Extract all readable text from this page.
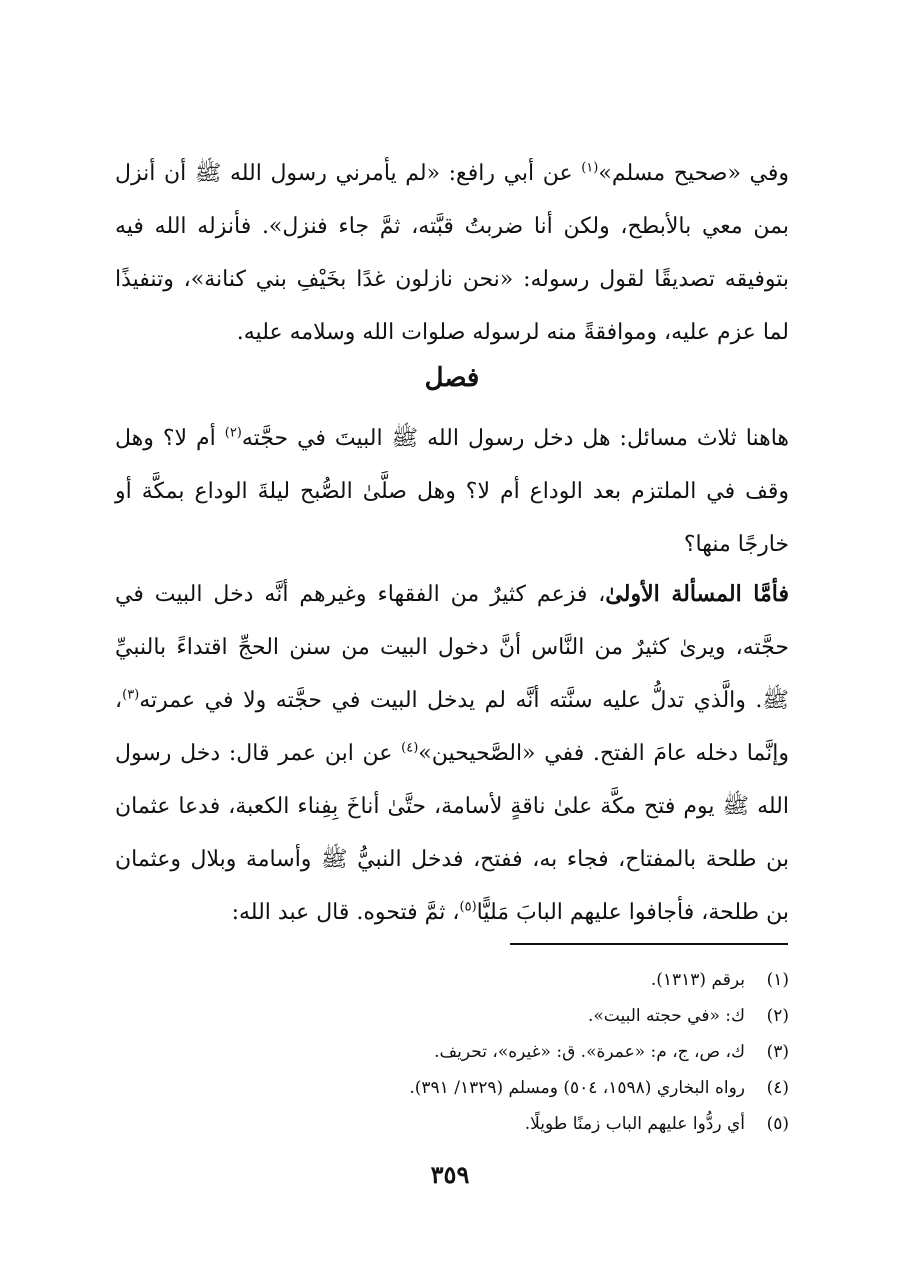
وفي «صحيح مسلم»$^{(١)}$ عن أبي رافع: «لم يأمرني رسول الله ﷺ أن أنزل بمن معي بالأبطح، ولكن أنا ضربتُ قبَّته، ثمَّ جاء فنزل». فأنزله الله فيه بتوفيقه تصديقًا لقول رسوله: «نحن نازلون غدًا بخَيْفِ بني كنانة»، وتنفيذًا لما عزم عليه، وموافقةً منه لرسوله صلوات الله وسلامه عليه.

فصل

هاهنا ثلاث مسائل: هل دخل رسول الله ﷺ البيتَ في حجَّته$^{(٢)}$ أم لا؟ وهل وقف في الملتزم بعد الوداع أم لا؟ وهل صلَّىٰ الصُّبح ليلةَ الوداع بمكَّة أو خارجًا منها؟

فأمَّا المسألة الأولىٰ، فزعم كثيرٌ من الفقهاء وغيرهم أنَّه دخل البيت في حجَّته، ويرىٰ كثيرٌ من النَّاس أنَّ دخول البيت من سنن الحجِّ اقتداءً بالنبيِّ ﷺ. والَّذي تدلُّ عليه سنَّته أنَّه لم يدخل البيت في حجَّته ولا في عمرته$^{(٣)}$، وإنَّما دخله عامَ الفتح. ففي «الصَّحيحين»$^{(٤)}$ عن ابن عمر قال: دخل رسول الله ﷺ يوم فتح مكَّة علىٰ ناقةٍ لأسامة، حتَّىٰ أناخَ بِفِناء الكعبة، فدعا عثمان بن طلحة بالمفتاح، فجاء به، ففتح، فدخل النبيُّ ﷺ وأسامة وبلال وعثمان بن طلحة، فأجافوا عليهم البابَ مَليًّا$^{(٥)}$، ثمَّ فتحوه. قال عبد الله:

(١)
برقم (١٣١٣).
(٢)
ك: «في حجته البيت».
(٣)
ك، ص، ج، م: «عمرة». ق: «غيره»، تحريف.
(٤)
رواه البخاري (١٥٩٨، ٥٠٤) ومسلم (١٣٢٩/ ٣٩١).
(٥)
أي ردُّوا عليهم الباب زمنًا طويلًا.
٣٥٩
